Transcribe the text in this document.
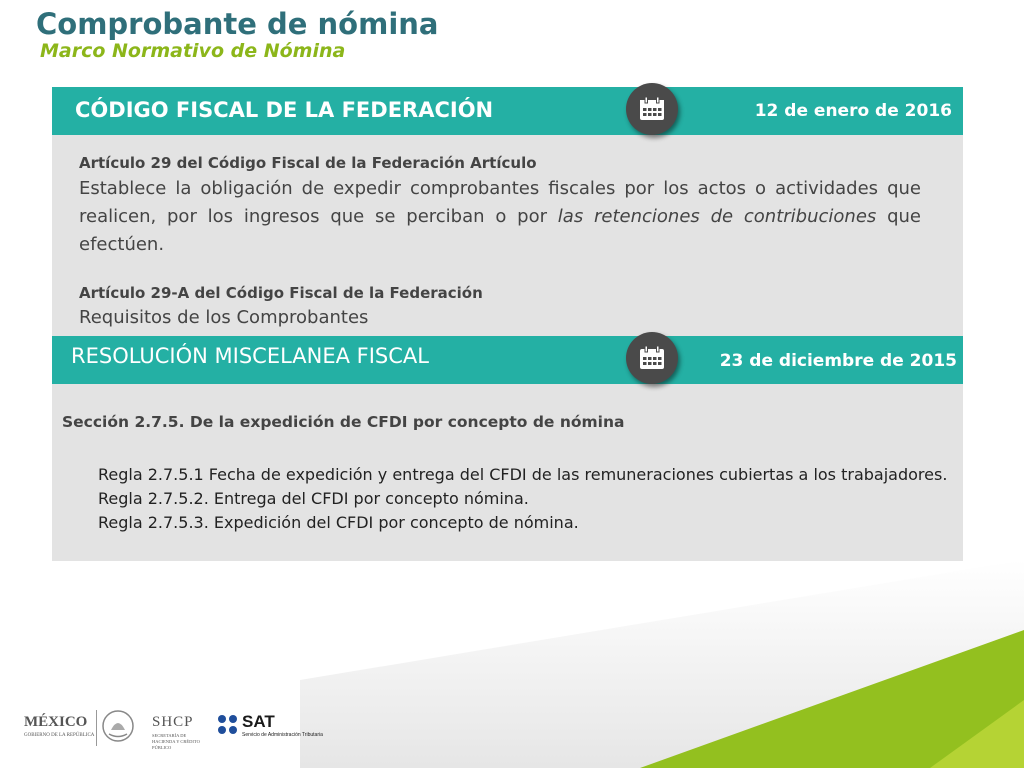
Comprobante de nómina
Marco Normativo de Nómina
CÓDIGO FISCAL DE LA FEDERACIÓN	12 de enero de 2016
Artículo 29 del Código Fiscal de la Federación Artículo
Establece la obligación de expedir comprobantes fiscales por los actos o actividades que realicen, por los ingresos que se perciban o por las retenciones de contribuciones que efectúen.
Artículo 29-A del Código Fiscal de la Federación
Requisitos de los Comprobantes
RESOLUCIÓN MISCELANEA FISCAL	23 de diciembre de 2015
Sección 2.7.5. De la expedición de CFDI por concepto de nómina
Regla 2.7.5.1 Fecha de expedición y entrega del CFDI de las remuneraciones cubiertas a los trabajadores.
Regla 2.7.5.2. Entrega del CFDI por concepto nómina.
Regla 2.7.5.3. Expedición del CFDI por concepto de nómina.
MÉXICO
GOBIERNO DE LA REPÚBLICA
SHCP
SECRETARÍA DE HACIENDA Y CRÉDITO PÚBLICO
SAT
Servicio de Administración Tributaria
